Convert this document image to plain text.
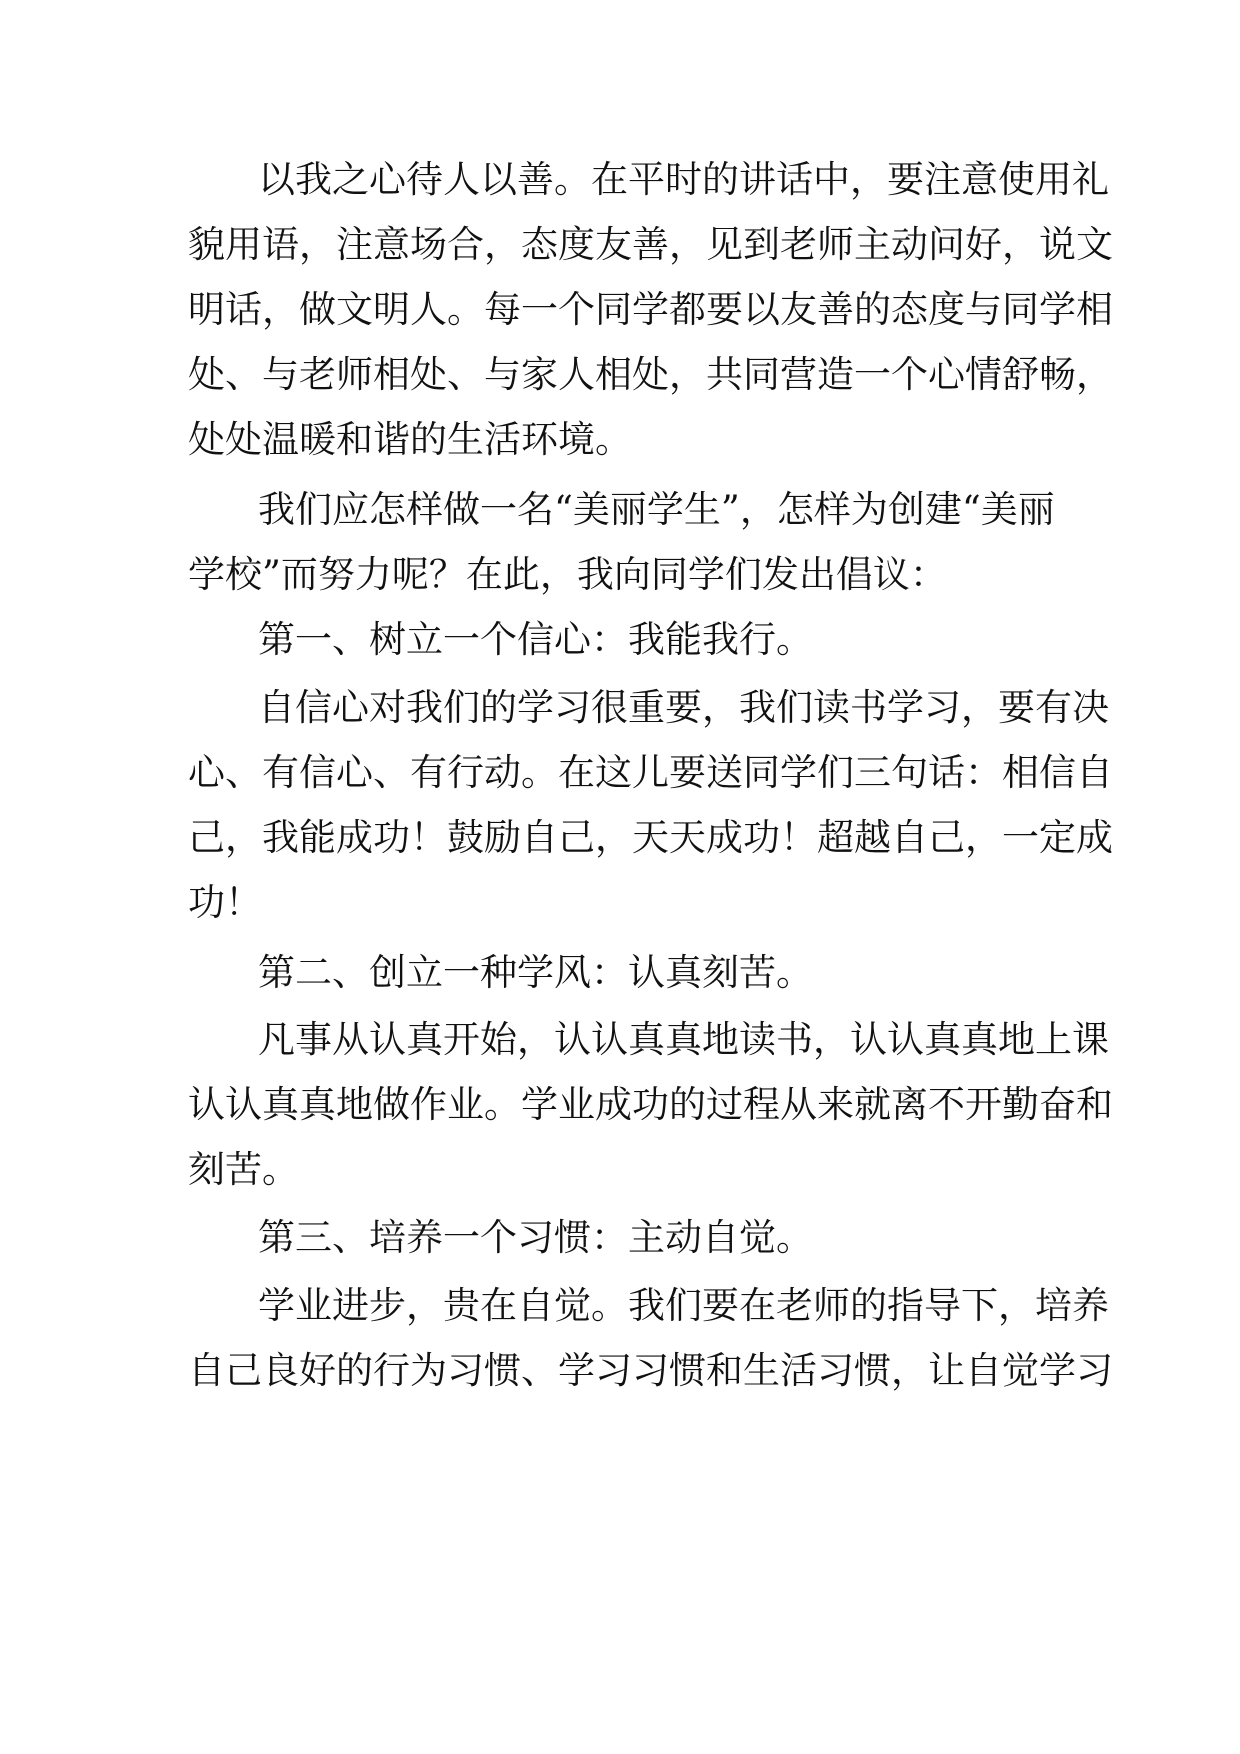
以我之心待人以善。在平时的讲话中，要注意使用礼
貌用语，注意场合，态度友善，见到老师主动问好，说文
明话，做文明人。每一个同学都要以友善的态度与同学相
处、与老师相处、与家人相处，共同营造一个心情舒畅，
处处温暖和谐的生活环境。
我们应怎样做一名“美丽学生”，怎样为创建“美丽
学校”而努力呢？在此，我向同学们发出倡议：
第一、树立一个信心：我能我行。
自信心对我们的学习很重要，我们读书学习，要有决
心、有信心、有行动。在这儿要送同学们三句话：相信自
己，我能成功！鼓励自己，天天成功！超越自己，一定成
功！
第二、创立一种学风：认真刻苦。
凡事从认真开始，认认真真地读书，认认真真地上课
认认真真地做作业。学业成功的过程从来就离不开勤奋和
刻苦。
第三、培养一个习惯：主动自觉。
学业进步，贵在自觉。我们要在老师的指导下，培养
自己良好的行为习惯、学习习惯和生活习惯，让自觉学习
